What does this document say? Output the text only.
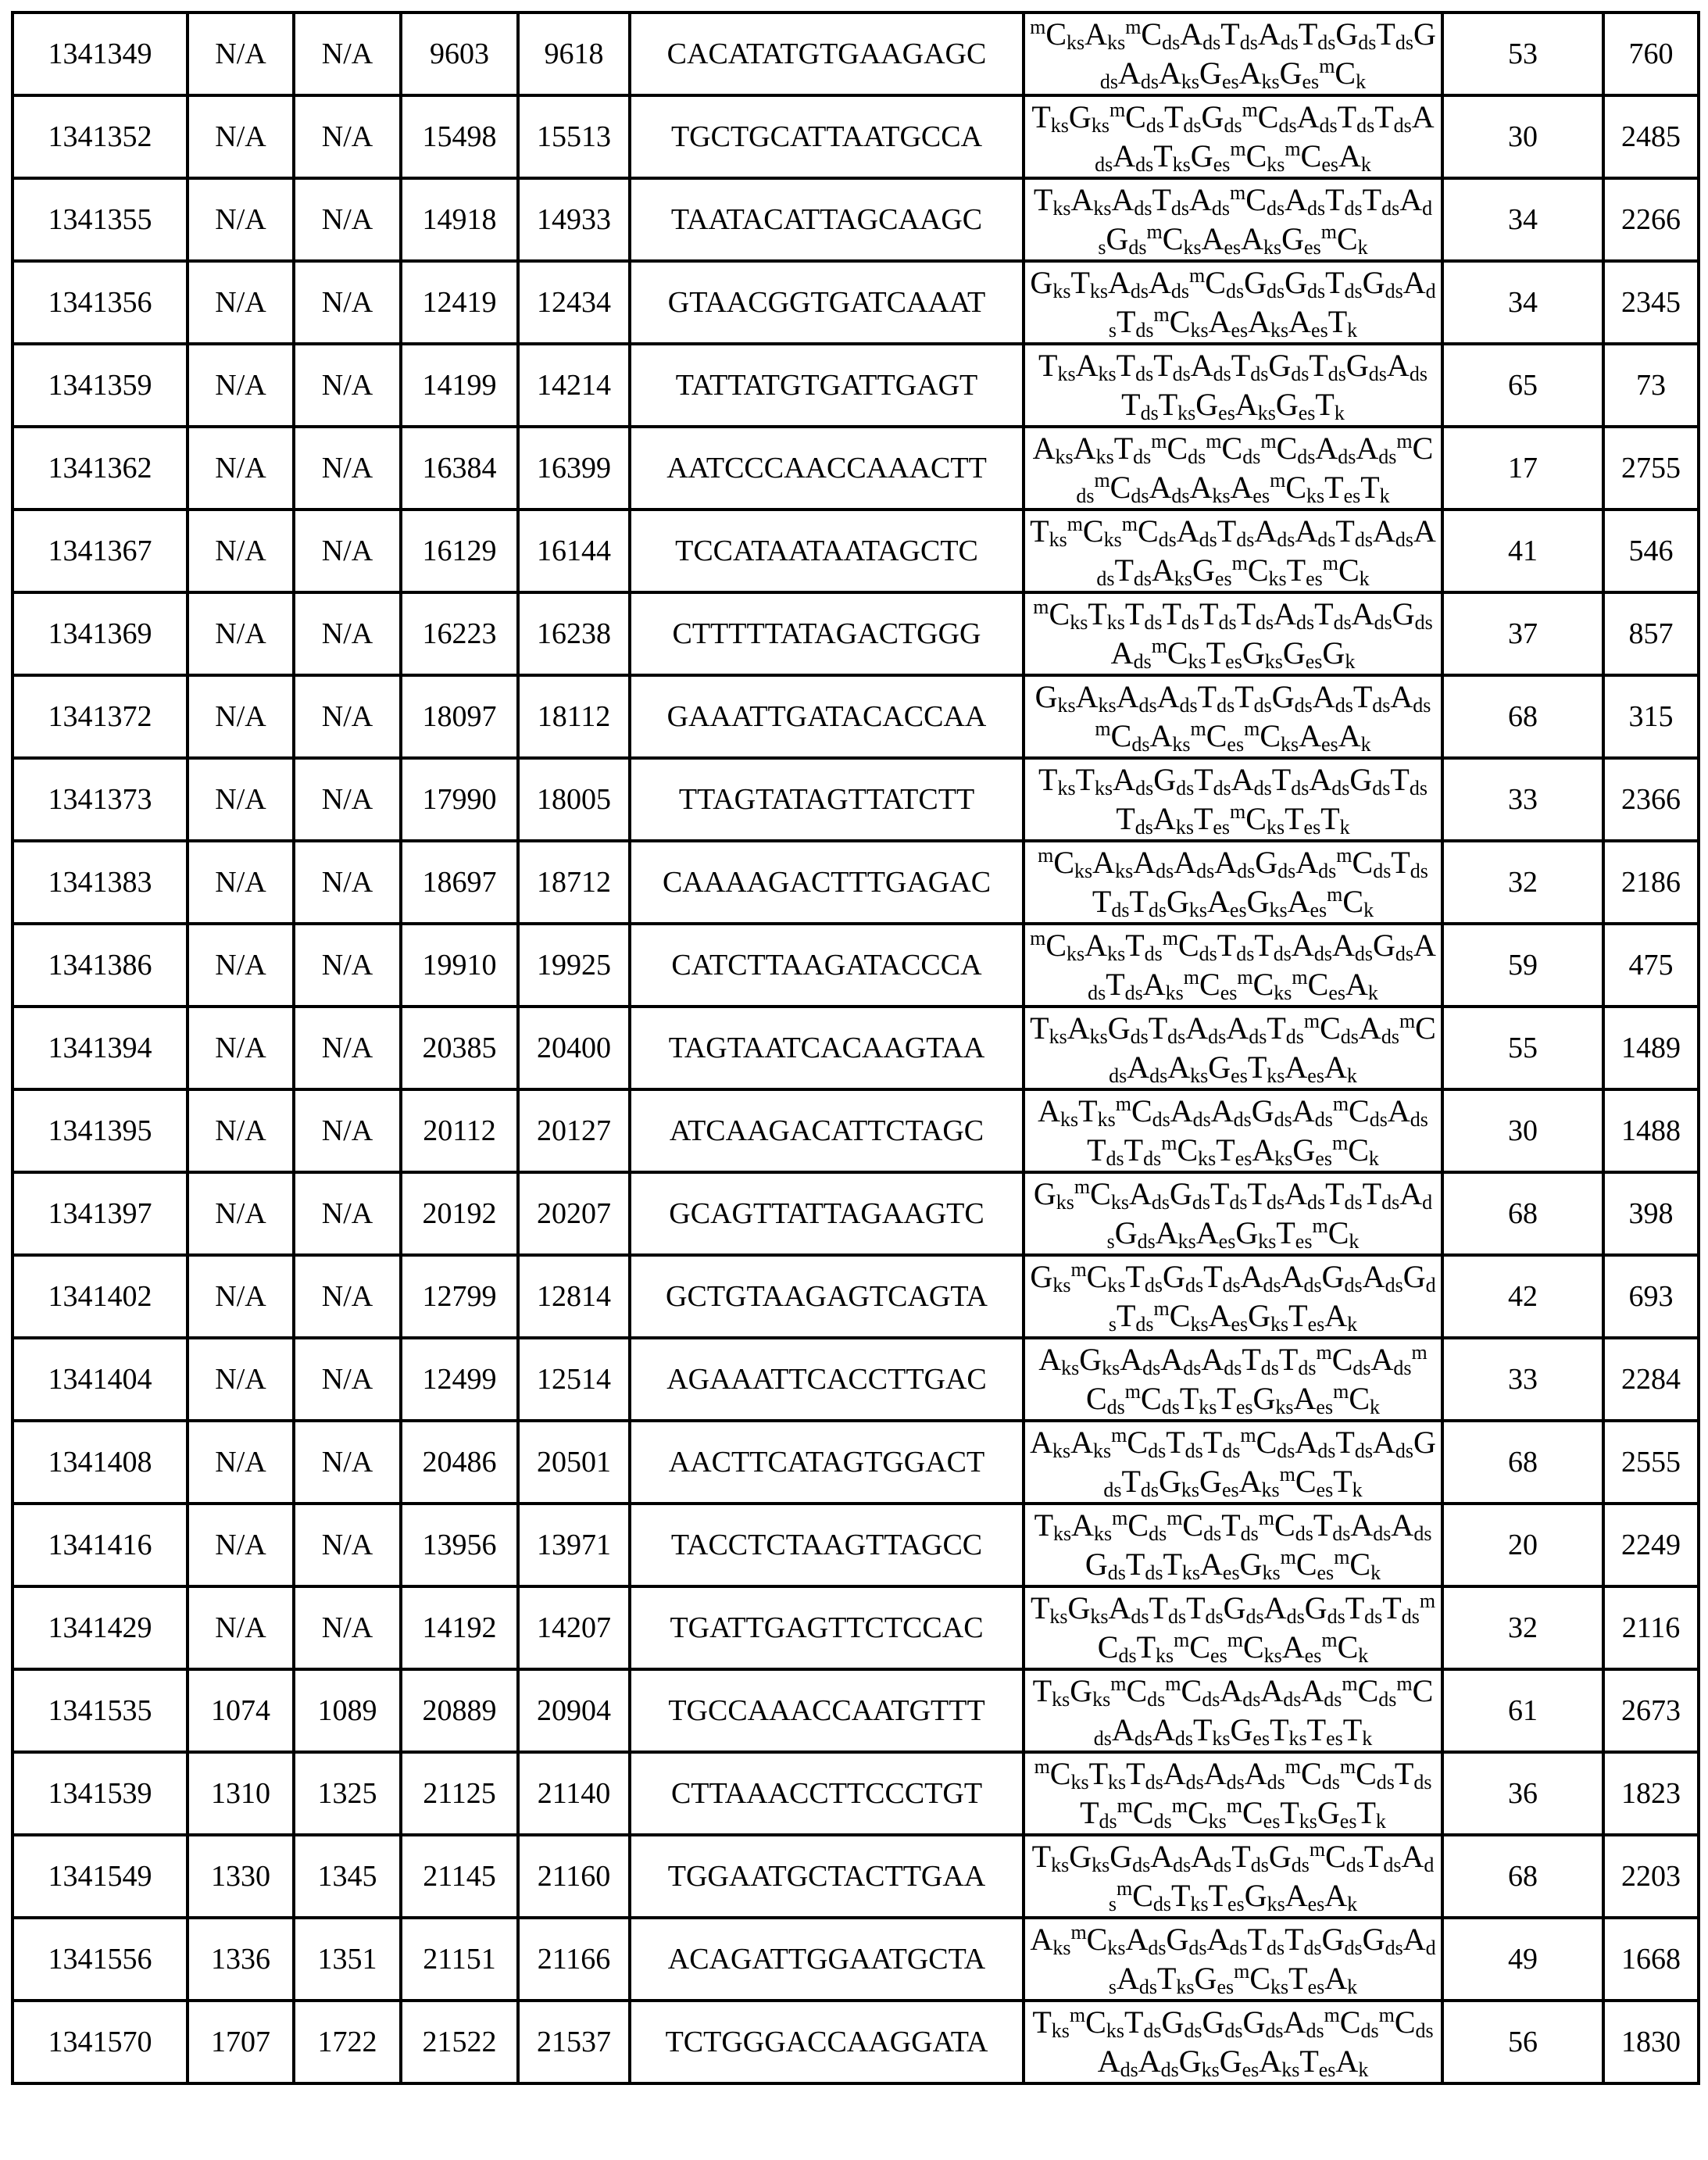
1341349	N/A	N/A	9603	9618	CACATATGTGAAGAGC	mCksAksmCdsAdsTdsAdsTdsGdsTdsGdsAdsAksGesAksGesmCk	53	760
1341352	N/A	N/A	15498	15513	TGCTGCATTAATGCCA	TksGksmCdsTdsGdsmCdsAdsTdsTdsAdsAdsTksGesmCksmCesAk	30	2485
1341355	N/A	N/A	14918	14933	TAATACATTAGCAAGC	TksAksAdsTdsAdsmCdsAdsTdsTdsAdsGdsmCksAesAksGesmCk	34	2266
1341356	N/A	N/A	12419	12434	GTAACGGTGATCAAAT	GksTksAdsAdsmCdsGdsGdsTdsGdsAdsTdsmCksAesAksAesTk	34	2345
1341359	N/A	N/A	14199	14214	TATTATGTGATTGAGT	TksAksTdsTdsAdsTdsGdsTdsGdsAdsTdsTksGesAksGesTk	65	73
1341362	N/A	N/A	16384	16399	AATCCCAACCAAACTT	AksAksTdsmCdsmCdsmCdsAdsAdsmCdsmCdsAdsAksAesmCksTesTk	17	2755
1341367	N/A	N/A	16129	16144	TCCATAATAATAGCTC	TksmCksmCdsAdsTdsAdsAdsTdsAdsAdsTdsAksGesmCksTesmCk	41	546
1341369	N/A	N/A	16223	16238	CTTTTTATAGACTGGG	mCksTksTdsTdsTdsTdsAdsTdsAdsGdsAdsmCksTesGksGesGk	37	857
1341372	N/A	N/A	18097	18112	GAAATTGATACACCAA	GksAksAdsAdsTdsTdsGdsAdsTdsAdsmCdsAksmCesmCksAesAk	68	315
1341373	N/A	N/A	17990	18005	TTAGTATAGTTATCTT	TksTksAdsGdsTdsAdsTdsAdsGdsTdsTdsAksTesmCksTesTk	33	2366
1341383	N/A	N/A	18697	18712	CAAAAGACTTTGAGAC	mCksAksAdsAdsAdsGdsAdsmCdsTdsTdsTdsGksAesGksAesmCk	32	2186
1341386	N/A	N/A	19910	19925	CATCTTAAGATACCCA	mCksAksTdsmCdsTdsTdsAdsAdsGdsAdsTdsAksmCesmCksmCesAk	59	475
1341394	N/A	N/A	20385	20400	TAGTAATCACAAGTAA	TksAksGdsTdsAdsAdsTdsmCdsAdsmCdsAdsAksGesTksAesAk	55	1489
1341395	N/A	N/A	20112	20127	ATCAAGACATTCTAGC	AksTksmCdsAdsAdsGdsAdsmCdsAdsTdsTdsmCksTesAksGesmCk	30	1488
1341397	N/A	N/A	20192	20207	GCAGTTATTAGAAGTC	GksmCksAdsGdsTdsTdsAdsTdsTdsAdsGdsAksAesGksTesmCk	68	398
1341402	N/A	N/A	12799	12814	GCTGTAAGAGTCAGTA	GksmCksTdsGdsTdsAdsAdsGdsAdsGdsTdsmCksAesGksTesAk	42	693
1341404	N/A	N/A	12499	12514	AGAAATTCACCTTGAC	AksGksAdsAdsAdsTdsTdsmCdsAdsmCdsmCdsTksTesGksAesmCk	33	2284
1341408	N/A	N/A	20486	20501	AACTTCATAGTGGACT	AksAksmCdsTdsTdsmCdsAdsTdsAdsGdsTdsGksGesAksmCesTk	68	2555
1341416	N/A	N/A	13956	13971	TACCTCTAAGTTAGCC	TksAksmCdsmCdsTdsmCdsTdsAdsAdsGdsTdsTksAesGksmCesmCk	20	2249
1341429	N/A	N/A	14192	14207	TGATTGAGTTCTCCAC	TksGksAdsTdsTdsGdsAdsGdsTdsTdsmCdsTksmCesmCksAesmCk	32	2116
1341535	1074	1089	20889	20904	TGCCAAACCAATGTTT	TksGksmCdsmCdsAdsAdsAdsmCdsmCdsAdsAdsTksGesTksTesTk	61	2673
1341539	1310	1325	21125	21140	CTTAAACCTTCCCTGT	mCksTksTdsAdsAdsAdsmCdsmCdsTdsTdsmCdsmCksmCesTksGesTk	36	1823
1341549	1330	1345	21145	21160	TGGAATGCTACTTGAA	TksGksGdsAdsAdsTdsGdsmCdsTdsAdsmCdsTksTesGksAesAk	68	2203
1341556	1336	1351	21151	21166	ACAGATTGGAATGCTA	AksmCksAdsGdsAdsTdsTdsGdsGdsAdsAdsTksGesmCksTesAk	49	1668
1341570	1707	1722	21522	21537	TCTGGGACCAAGGATA	TksmCksTdsGdsGdsGdsAdsmCdsmCdsAdsAdsGksGesAksTesAk	56	1830
